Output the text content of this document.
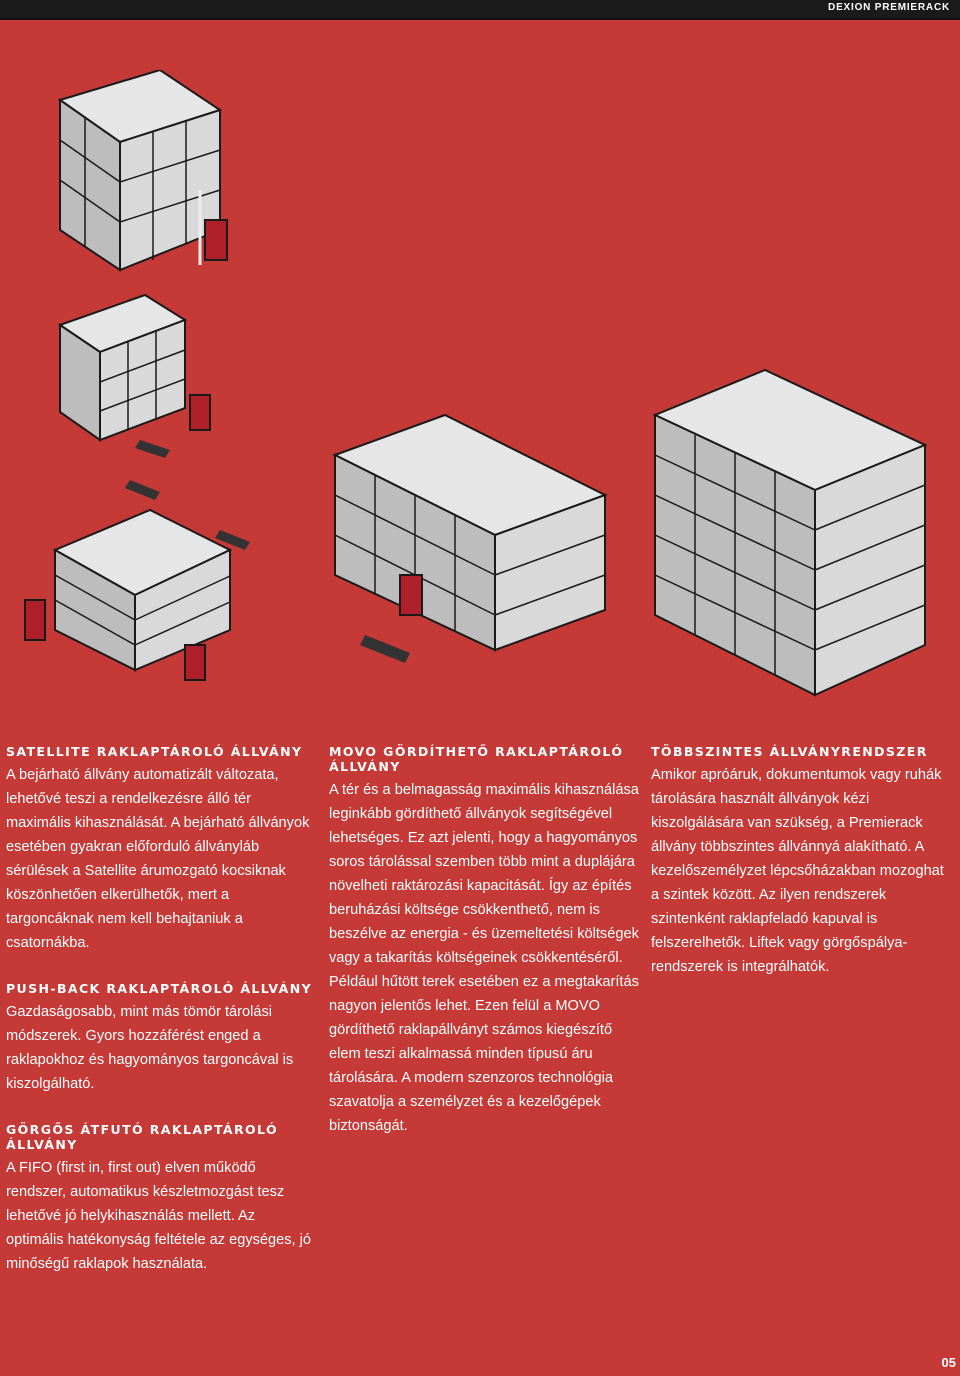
DEXION PREMIERACK
SATELLITE RAKLAPTÁROLÓ ÁLLVÁNY

A bejárható állvány automatizált változata, lehetővé teszi a rendelkezésre álló tér maximális kihasználását. A bejárható állványok esetében gyakran előforduló állványláb sérülések a Satellite árumozgató kocsiknak köszönhetően elkerülhetők, mert a targoncáknak nem kell behajtaniuk a csatornákba.

PUSH-BACK RAKLAPTÁROLÓ ÁLLVÁNY

Gazdaságosabb, mint más tömör tárolási módszerek. Gyors hozzáférést enged a raklapokhoz és hagyományos targoncával is kiszolgálható.

GÖRGŐS ÁTFUTÓ RAKLAPTÁROLÓ ÁLLVÁNY

A FIFO (first in, first out) elven működő rendszer, automatikus készletmozgást tesz lehetővé jó helykihasználás mellett. Az optimális hatékonyság feltétele az egységes, jó minőségű raklapok használata.

MOVO GÖRDÍTHETŐ RAKLAPTÁROLÓ ÁLLVÁNY

A tér és a belmagasság maximális kihasználása leginkább gördíthető állványok segítségével lehetséges. Ez azt jelenti, hogy a hagyományos soros tárolással szemben több mint a duplájára növelheti raktározási kapacitását. Így az építés beruházási költsége csökkenthető, nem is beszélve az energia - és üzemeltetési költségek vagy a takarítás költségeinek csökkentéséről. Például hűtött terek esetében ez a megtakarítás nagyon jelentős lehet. Ezen felül a MOVO gördíthető raklapállványt számos kiegészítő elem teszi alkalmassá minden típusú áru tárolására. A modern szenzoros technológia szavatolja a személyzet és a kezelőgépek biztonságát.

TÖBBSZINTES ÁLLVÁNYRENDSZER

Amikor apróáruk, dokumentumok vagy ruhák tárolására használt állványok kézi kiszolgálására van szükség, a Premierack állvány többszintes állvánnyá alakítható. A kezelőszemélyzet lépcsőházakban mozoghat a szintek között. Az ilyen rendszerek szintenként raklapfeladó kapuval is felszerelhetők. Liftek vagy görgőspálya-rendszerek is integrálhatók.

05
